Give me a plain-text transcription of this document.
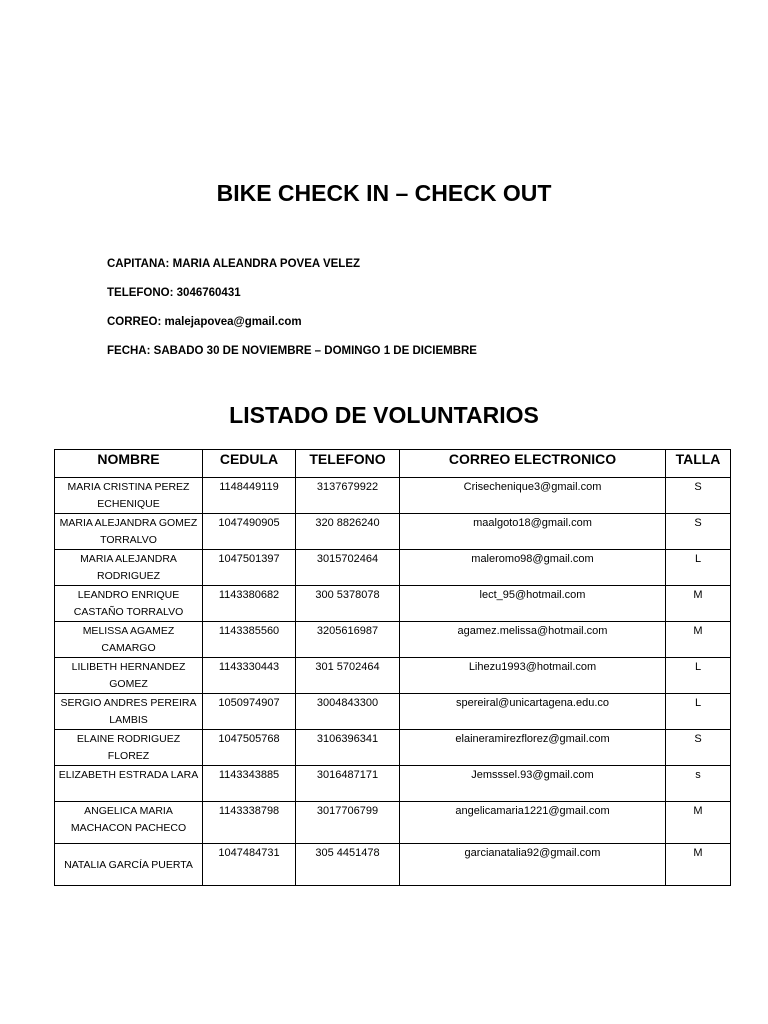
BIKE CHECK IN – CHECK OUT
CAPITANA: MARIA ALEANDRA POVEA VELEZ
TELEFONO: 3046760431
CORREO: malejapovea@gmail.com
FECHA: SABADO 30 DE NOVIEMBRE – DOMINGO 1 DE DICIEMBRE
LISTADO DE VOLUNTARIOS
NOMBRE	CEDULA	TELEFONO	CORREO ELECTRONICO	TALLA
MARIA CRISTINA PEREZ ECHENIQUE	1148449119	3137679922	Crisechenique3@gmail.com	S
MARIA ALEJANDRA GOMEZ TORRALVO	1047490905	320 8826240	maalgoto18@gmail.com	S
MARIA ALEJANDRA RODRIGUEZ	1047501397	3015702464	maleromo98@gmail.com	L
LEANDRO ENRIQUE CASTAÑO TORRALVO	1143380682	300 5378078	lect_95@hotmail.com	M
MELISSA AGAMEZ CAMARGO	1143385560	3205616987	agamez.melissa@hotmail.com	M
LILIBETH HERNANDEZ GOMEZ	1143330443	301 5702464	Lihezu1993@hotmail.com	L
SERGIO ANDRES PEREIRA LAMBIS	1050974907	3004843300	spereiral@unicartagena.edu.co	L
ELAINE RODRIGUEZ FLOREZ	1047505768	3106396341	elaineramirezflorez@gmail.com	S
ELIZABETH ESTRADA LARA	1143343885	3016487171	Jemsssel.93@gmail.com	s
ANGELICA MARIA MACHACON PACHECO	1143338798	3017706799	angelicamaria1221@gmail.com	M
NATALIA GARCÍA PUERTA	1047484731	305 4451478	garcianatalia92@gmail.com	M
